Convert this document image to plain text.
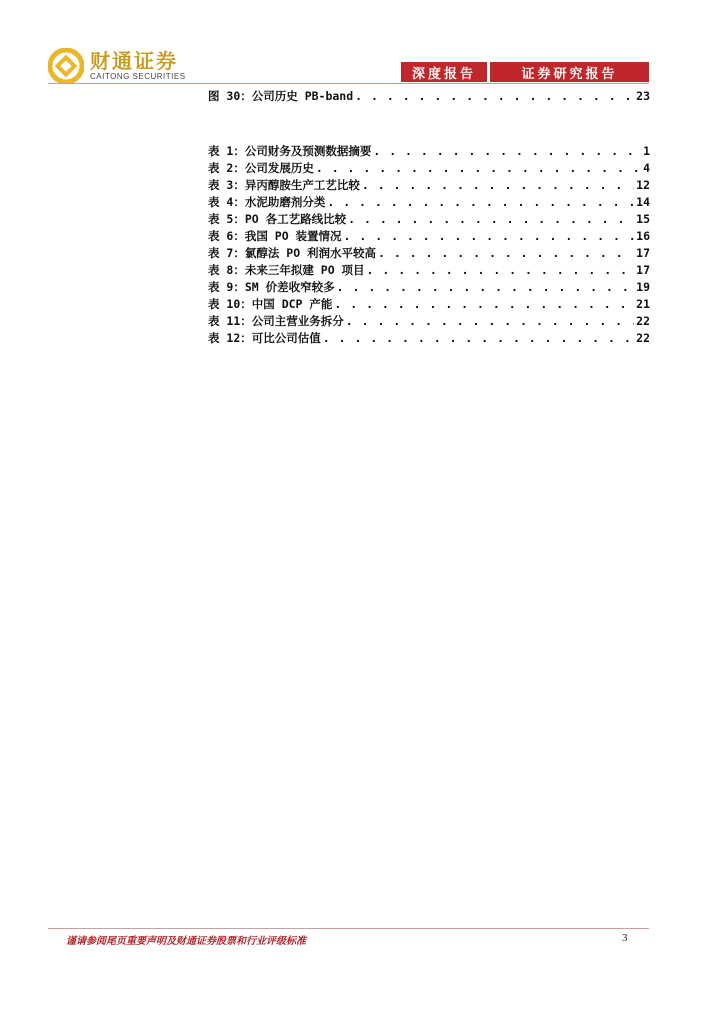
财通证券
CAITONG SECURITIES	深度报告	证券研究报告
图 30：公司历史 PB-band . . .	23
表 1：公司财务及预测数据摘要 . . .	1
表 2：公司发展历史 . . .	4
表 3：异丙醇胺生产工艺比较 . . .	12
表 4：水泥助磨剂分类 . . .	14
表 5：PO 各工艺路线比较 . . .	15
表 6：我国 PO 装置情况 . . .	16
表 7：氯醇法 PO 利润水平较高 . . .	17
表 8：未来三年拟建 PO 项目 . . .	17
表 9：SM 价差收窄较多 . . .	19
表 10：中国 DCP 产能 . . .	21
表 11：公司主营业务拆分 . . .	22
表 12：可比公司估值 . . .	22
谨请参阅尾页重要声明及财通证券股票和行业评级标准	3
